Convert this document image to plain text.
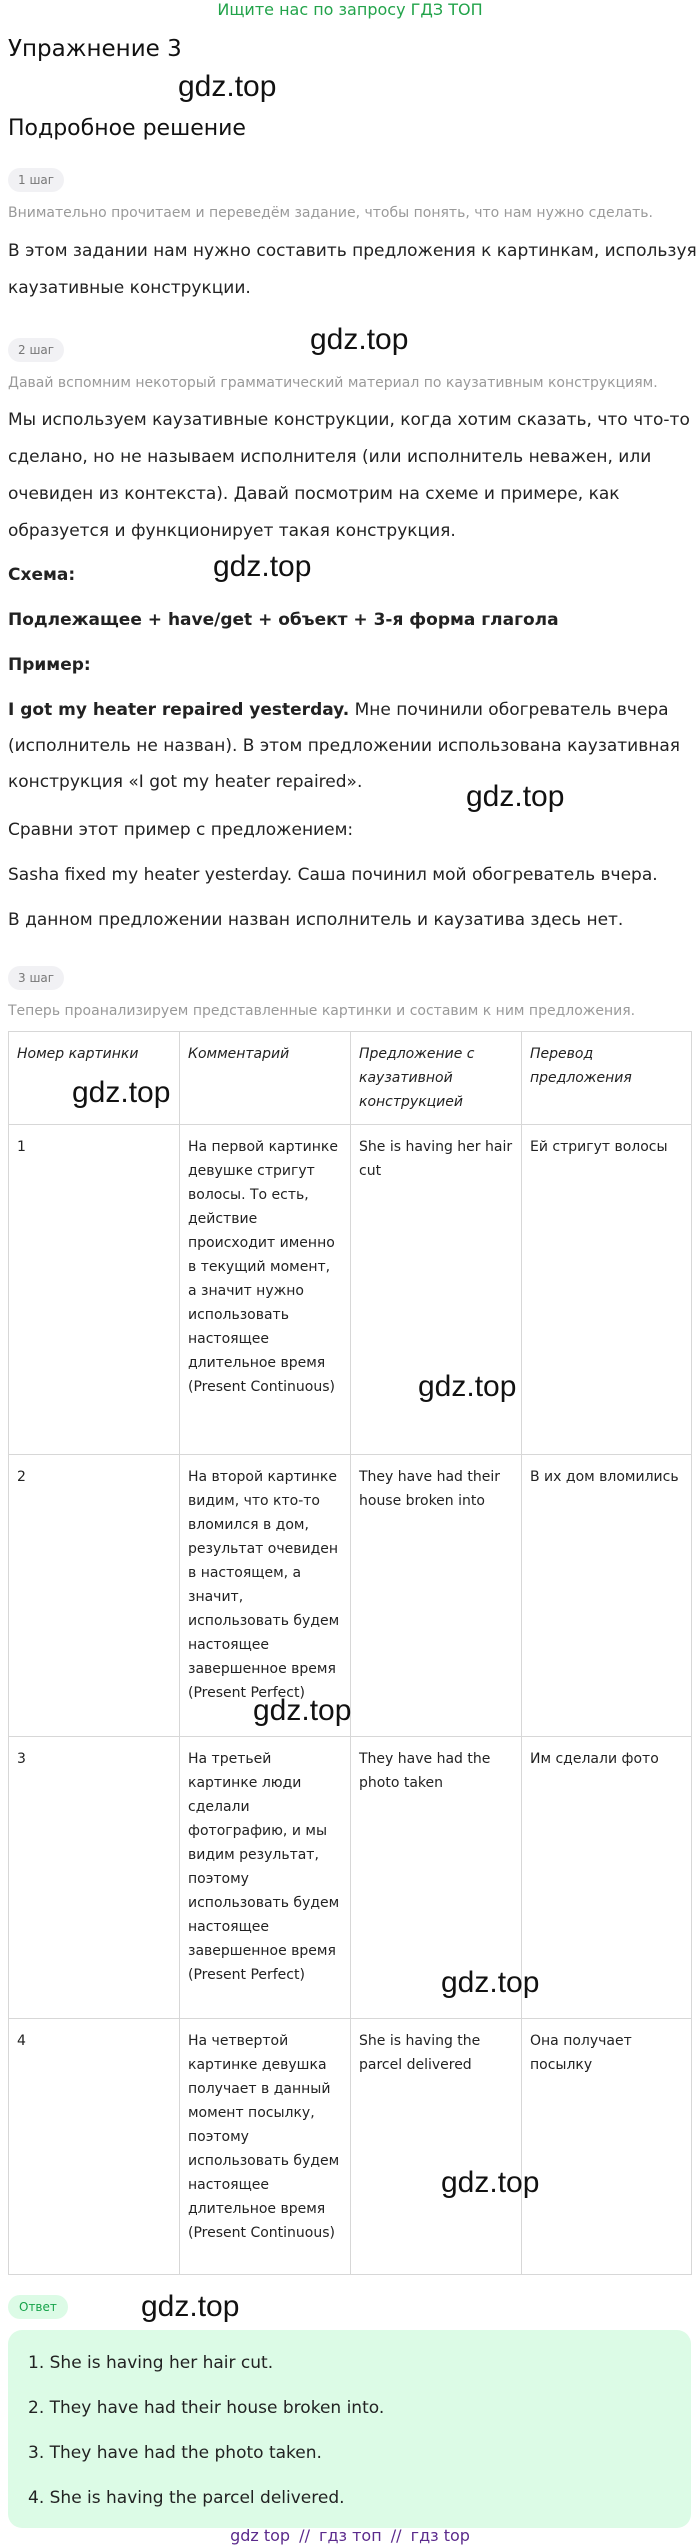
Ищите нас по запросу ГДЗ ТОП
Упражнение 3
gdz.top
Подробное решение
1 шаг
Внимательно прочитаем и переведём задание, чтобы понять, что нам нужно сделать.
В этом задании нам нужно составить предложения к картинкам, используя каузативные конструкции.
2 шаг	gdz.top
Давай вспомним некоторый грамматический материал по каузативным конструкциям.
Мы используем каузативные конструкции, когда хотим сказать, что что-то сделано, но не называем исполнителя (или исполнитель неважен, или очевиден из контекста). Давай посмотрим на схеме и примере, как образуется и функционирует такая конструкция.
Схема:	gdz.top
Подлежащее + have/get + объект + 3-я форма глагола
Пример:
I got my heater repaired yesterday. Мне починили обогреватель вчера (исполнитель не назван). В этом предложении использована каузативная конструкция «I got my heater repaired».
Сравни этот пример с предложением:
gdz.top
Sasha fixed my heater yesterday. Саша починил мой обогреватель вчера.
В данном предложении назван исполнитель и каузатива здесь нет.
3 шаг
Теперь проанализируем представленные картинки и составим к ним предложения.
Номер картинки	Комментарий	Предложение с каузативной конструкцией	Перевод предложения
1	На первой картинке девушке стригут волосы. То есть, действие происходит именно в текущий момент, а значит нужно использовать настоящее длительное время (Present Continuous)	She is having her hair cut	Ей стригут волосы
2	На второй картинке видим, что кто-то вломился в дом, результат очевиден в настоящем, а значит, использовать будем настоящее завершенное время (Present Perfect)	They have had their house broken into	В их дом вломились
3	На третьей картинке люди сделали фотографию, и мы видим результат, поэтому использовать будем настоящее завершенное время (Present Perfect)	They have had the photo taken	Им сделали фото
4	На четвертой картинке девушка получает в данный момент посылку, поэтому использовать будем настоящее длительное время (Present Continuous)	She is having the parcel delivered	Она получает посылку
gdz.top
gdz.top
gdz.top
gdz.top
gdz.top
Ответ	gdz.top
1. She is having her hair cut.
2. They have had their house broken into.
3. They have had the photo taken.
4. She is having the parcel delivered.
gdz top // гдз топ // гдз top
